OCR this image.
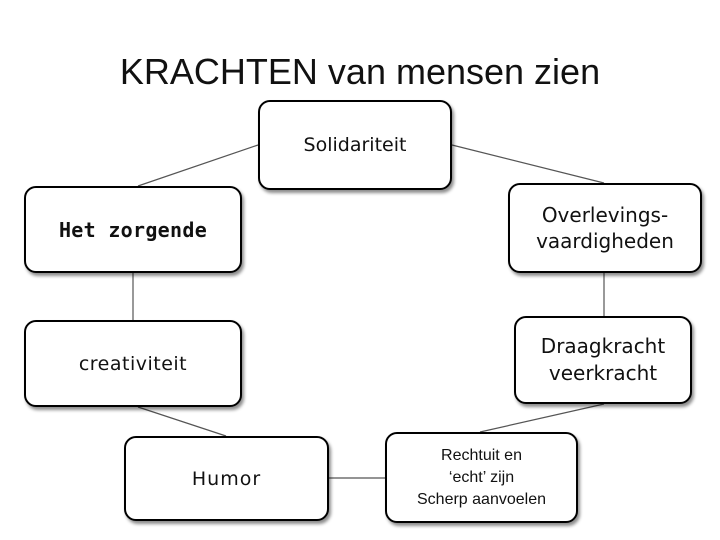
KRACHTEN van mensen zien
Solidariteit
Het zorgende
Overlevings-
vaardigheden
creativiteit
Draagkracht
veerkracht
Humor
Rechtuit en
‘echt’ zijn
Scherp aanvoelen
